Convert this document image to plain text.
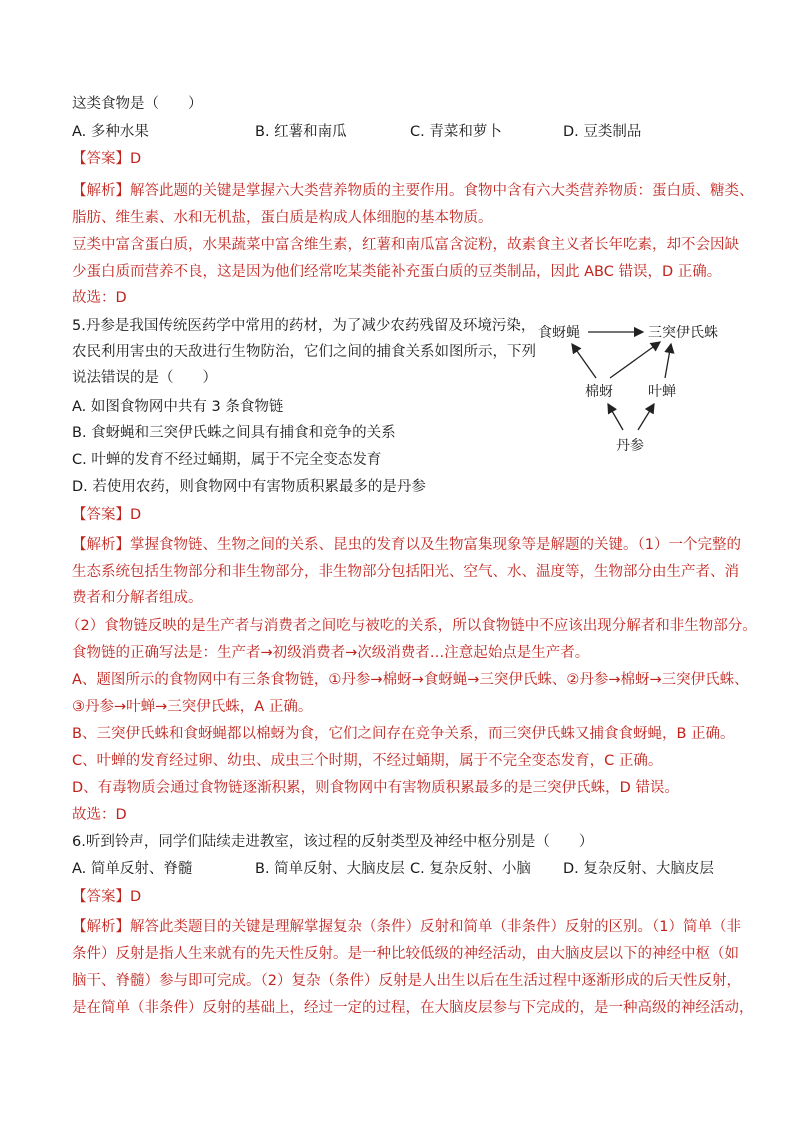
这类食物是（　　）
A. 多种水果	B. 红薯和南瓜	C. 青菜和萝卜	D. 豆类制品
【答案】D
【解析】解答此题的关键是掌握六大类营养物质的主要作用。食物中含有六大类营养物质：蛋白质、糖类、
脂肪、维生素、水和无机盐，蛋白质是构成人体细胞的基本物质。
豆类中富含蛋白质，水果蔬菜中富含维生素，红薯和南瓜富含淀粉，故素食主义者长年吃素，却不会因缺
少蛋白质而营养不良，这是因为他们经常吃某类能补充蛋白质的豆类制品，因此 ABC 错误，D 正确。
故选：D
5.丹参是我国传统医药学中常用的药材，为了减少农药残留及环境污染，
农民利用害虫的天敌进行生物防治，它们之间的捕食关系如图所示，下列
说法错误的是（　　）
A. 如图食物网中共有 3 条食物链
B. 食蚜蝇和三突伊氏蛛之间具有捕食和竞争的关系
C. 叶蝉的发育不经过蛹期，属于不完全变态发育
D. 若使用农药，则食物网中有害物质积累最多的是丹参
食蚜蝇	三突伊氏蛛
棉蚜	叶蝉
丹参
【答案】D
【解析】掌握食物链、生物之间的关系、昆虫的发育以及生物富集现象等是解题的关键。（1）一个完整的
生态系统包括生物部分和非生物部分，非生物部分包括阳光、空气、水、温度等，生物部分由生产者、消
费者和分解者组成。
（2）食物链反映的是生产者与消费者之间吃与被吃的关系，所以食物链中不应该出现分解者和非生物部分。
食物链的正确写法是：生产者→初级消费者→次级消费者…注意起始点是生产者。
A、题图所示的食物网中有三条食物链，①丹参→棉蚜→食蚜蝇→三突伊氏蛛、②丹参→棉蚜→三突伊氏蛛、
③丹参→叶蝉→三突伊氏蛛，A 正确。
B、三突伊氏蛛和食蚜蝇都以棉蚜为食，它们之间存在竞争关系，而三突伊氏蛛又捕食食蚜蝇，B 正确。
C、叶蝉的发育经过卵、幼虫、成虫三个时期，不经过蛹期，属于不完全变态发育，C 正确。
D、有毒物质会通过食物链逐渐积累，则食物网中有害物质积累最多的是三突伊氏蛛，D 错误。
故选：D
6.听到铃声，同学们陆续走进教室，该过程的反射类型及神经中枢分别是（　　）
A. 简单反射、脊髓	B. 简单反射、大脑皮层 C. 复杂反射、小脑 D. 复杂反射、大脑皮层
【答案】D
【解析】解答此类题目的关键是理解掌握复杂（条件）反射和简单（非条件）反射的区别。（1）简单（非
条件）反射是指人生来就有的先天性反射。是一种比较低级的神经活动，由大脑皮层以下的神经中枢（如
脑干、脊髓）参与即可完成。（2）复杂（条件）反射是人出生以后在生活过程中逐渐形成的后天性反射，
是在简单（非条件）反射的基础上，经过一定的过程，在大脑皮层参与下完成的，是一种高级的神经活动，
